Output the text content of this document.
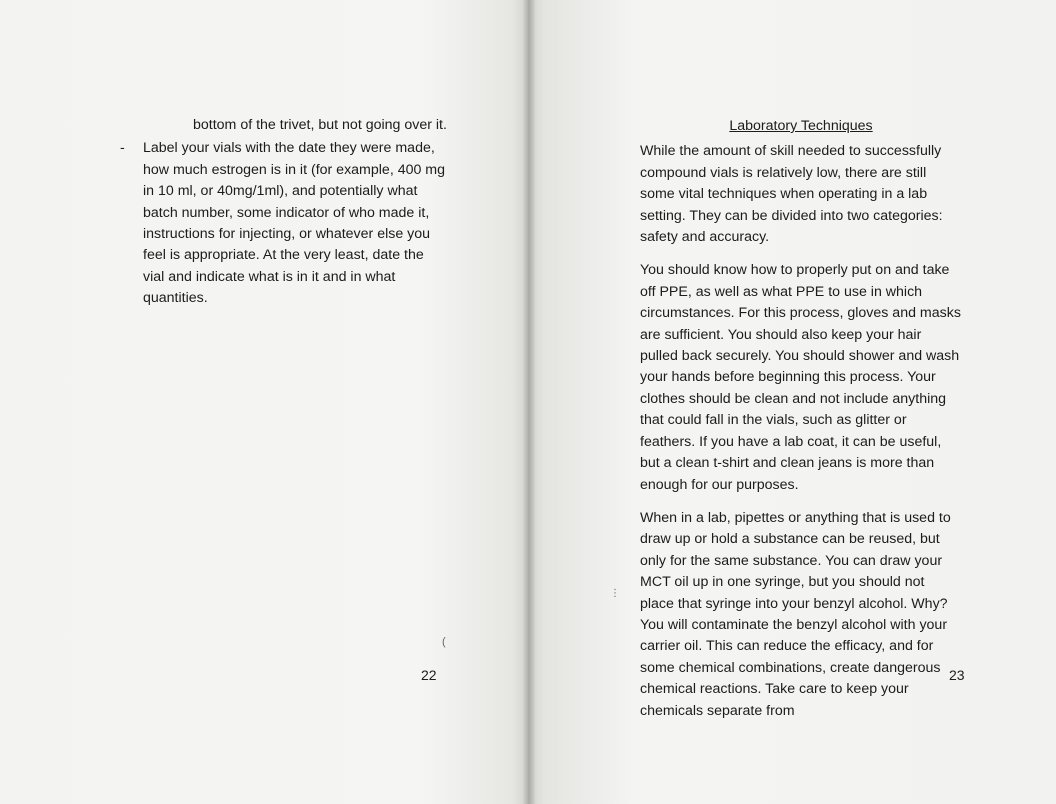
bottom of the trivet, but not going over it.
-	Label your vials with the date they were made, how much estrogen is in it (for example, 400 mg in 10 ml, or 40mg/1ml), and potentially what batch number, some indicator of who made it, instructions for injecting, or whatever else you feel is appropriate. At the very least, date the vial and indicate what is in it and in what quantities.
22
(
⋮
Laboratory Techniques

While the amount of skill needed to successfully compound vials is relatively low, there are still some vital techniques when operating in a lab setting. They can be divided into two categories: safety and accuracy.

You should know how to properly put on and take off PPE, as well as what PPE to use in which circumstances. For this process, gloves and masks are sufficient. You should also keep your hair pulled back securely. You should shower and wash your hands before beginning this process. Your clothes should be clean and not include anything that could fall in the vials, such as glitter or feathers. If you have a lab coat, it can be useful, but a clean t-shirt and clean jeans is more than enough for our purposes.

When in a lab, pipettes or anything that is used to draw up or hold a substance can be reused, but only for the same substance. You can draw your MCT oil up in one syringe, but you should not place that syringe into your benzyl alcohol. Why? You will contaminate the benzyl alcohol with your carrier oil. This can reduce the efficacy, and for some chemical combinations, create dangerous chemical reactions. Take care to keep your chemicals separate from

23
